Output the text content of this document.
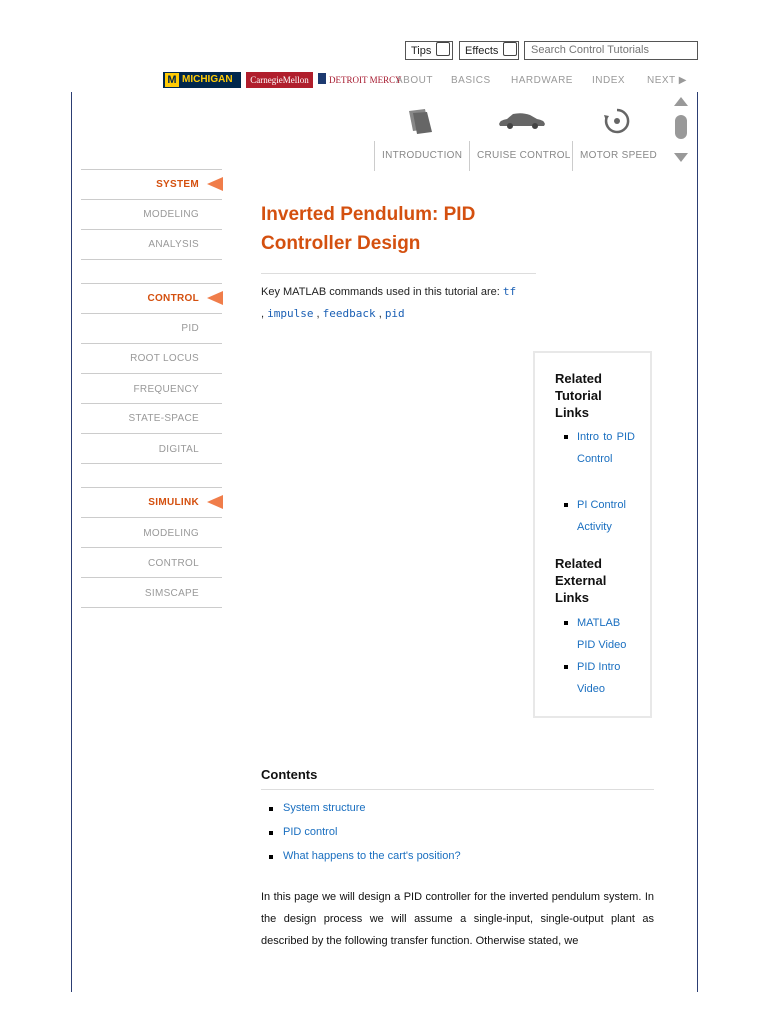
Tips	Effects
Search Control Tutorials
M MICHIGAN	CarnegieMellon	DETROIT MERCY
ABOUT BASICS HARDWARE INDEX NEXT ▶
INTRODUCTION CRUISE CONTROL MOTOR SPEED
SYSTEM
MODELING
ANALYSIS
CONTROL
PID
ROOT LOCUS
FREQUENCY
STATE-SPACE
DIGITAL
SIMULINK
MODELING
CONTROL
SIMSCAPE
Inverted Pendulum: PID Controller Design
Key MATLAB commands used in this tutorial are: tf
, impulse , feedback , pid
Related Tutorial Links
Intro to PID Control
PI Control Activity
Related External Links
MATLAB PID Video
PID Intro Video
Contents
System structure
PID control
What happens to the cart's position?

In this page we will design a PID controller for the inverted pendulum system. In the design process we will assume a single-input, single-output plant as described by the following transfer function. Otherwise stated, we
